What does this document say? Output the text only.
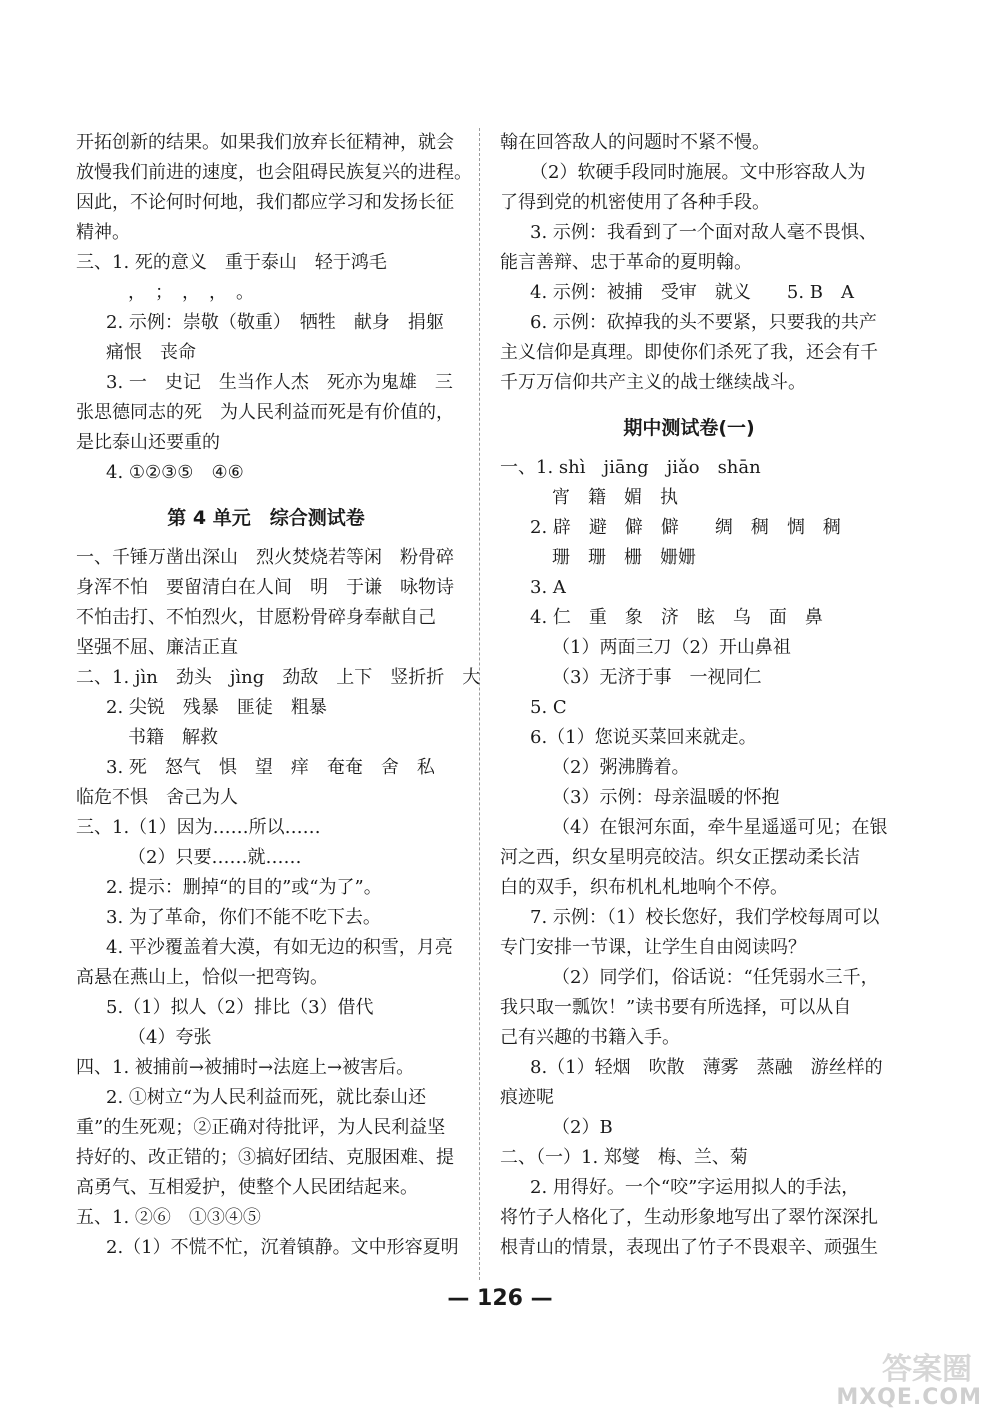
开拓创新的结果。如果我们放弃长征精神，就会
放慢我们前进的速度，也会阻碍民族复兴的进程。
因此，不论何时何地，我们都应学习和发扬长征
精神。
三、1. 死的意义　重于泰山　轻于鸿毛
，　；　，　，　。
2. 示例：崇敬（敬重）　牺牲　献身　捐躯
痛恨　丧命
3. 一　史记　生当作人杰　死亦为鬼雄　三
张思德同志的死　为人民利益而死是有价值的，
是比泰山还要重的
4. ①②③⑤　④⑥
第 4 单元　综合测试卷
一、千锤万凿出深山　烈火焚烧若等闲　粉骨碎
身浑不怕　要留清白在人间　明　于谦　咏物诗
不怕击打、不怕烈火，甘愿粉骨碎身奉献自己
坚强不屈、廉洁正直
二、1. jìn　劲头　jìng　劲敌　上下　竖折折　大
2. 尖锐　残暴　匪徒　粗暴
书籍　解救
3. 死　怒气　惧　望　痒　奄奄　舍　私
临危不惧　舍己为人
三、1.（1）因为……所以……
（2）只要……就……
2. 提示：删掉“的目的”或“为了”。
3. 为了革命，你们不能不吃下去。
4. 平沙覆盖着大漠，有如无边的积雪，月亮
高悬在燕山上，恰似一把弯钩。
5.（1）拟人（2）排比（3）借代
（4）夸张
四、1. 被捕前→被捕时→法庭上→被害后。
2. ①树立“为人民利益而死，就比泰山还
重”的生死观；②正确对待批评，为人民利益坚
持好的、改正错的；③搞好团结、克服困难、提
高勇气、互相爱护，使整个人民团结起来。
五、1. ②⑥　①③④⑤
2.（1）不慌不忙，沉着镇静。文中形容夏明
翰在回答敌人的问题时不紧不慢。
（2）软硬手段同时施展。文中形容敌人为
了得到党的机密使用了各种手段。
3. 示例：我看到了一个面对敌人毫不畏惧、
能言善辩、忠于革命的夏明翰。
4. 示例：被捕　受审　就义　　5. B　A
6. 示例：砍掉我的头不要紧，只要我的共产
主义信仰是真理。即使你们杀死了我，还会有千
千万万信仰共产主义的战士继续战斗。
期中测试卷(一)
一、1. shì　jiāng　jiǎo　shān
宵　籍　媚　执
2. 辟　避　僻　僻　　绸　稠　惆　稠
珊　珊　栅　姗姗
3. A
4. 仁　重　象　济　眩　乌　面　鼻
（1）两面三刀（2）开山鼻祖
（3）无济于事　一视同仁
5. C
6.（1）您说买菜回来就走。
（2）粥沸腾着。
（3）示例：母亲温暖的怀抱
（4）在银河东面，牵牛星遥遥可见；在银
河之西，织女星明亮皎洁。织女正摆动柔长洁
白的双手，织布机札札地响个不停。
7. 示例：（1）校长您好，我们学校每周可以
专门安排一节课，让学生自由阅读吗？
（2）同学们，俗话说：“任凭弱水三千，
我只取一瓢饮！”读书要有所选择，可以从自
己有兴趣的书籍入手。
8.（1）轻烟　吹散　薄雾　蒸融　游丝样的
痕迹呢
（2）B
二、（一）1. 郑燮　梅、兰、菊
2. 用得好。一个“咬”字运用拟人的手法，
将竹子人格化了，生动形象地写出了翠竹深深扎
根青山的情景，表现出了竹子不畏艰辛、顽强生
— 126 —
答案圈
MXQE.COM
